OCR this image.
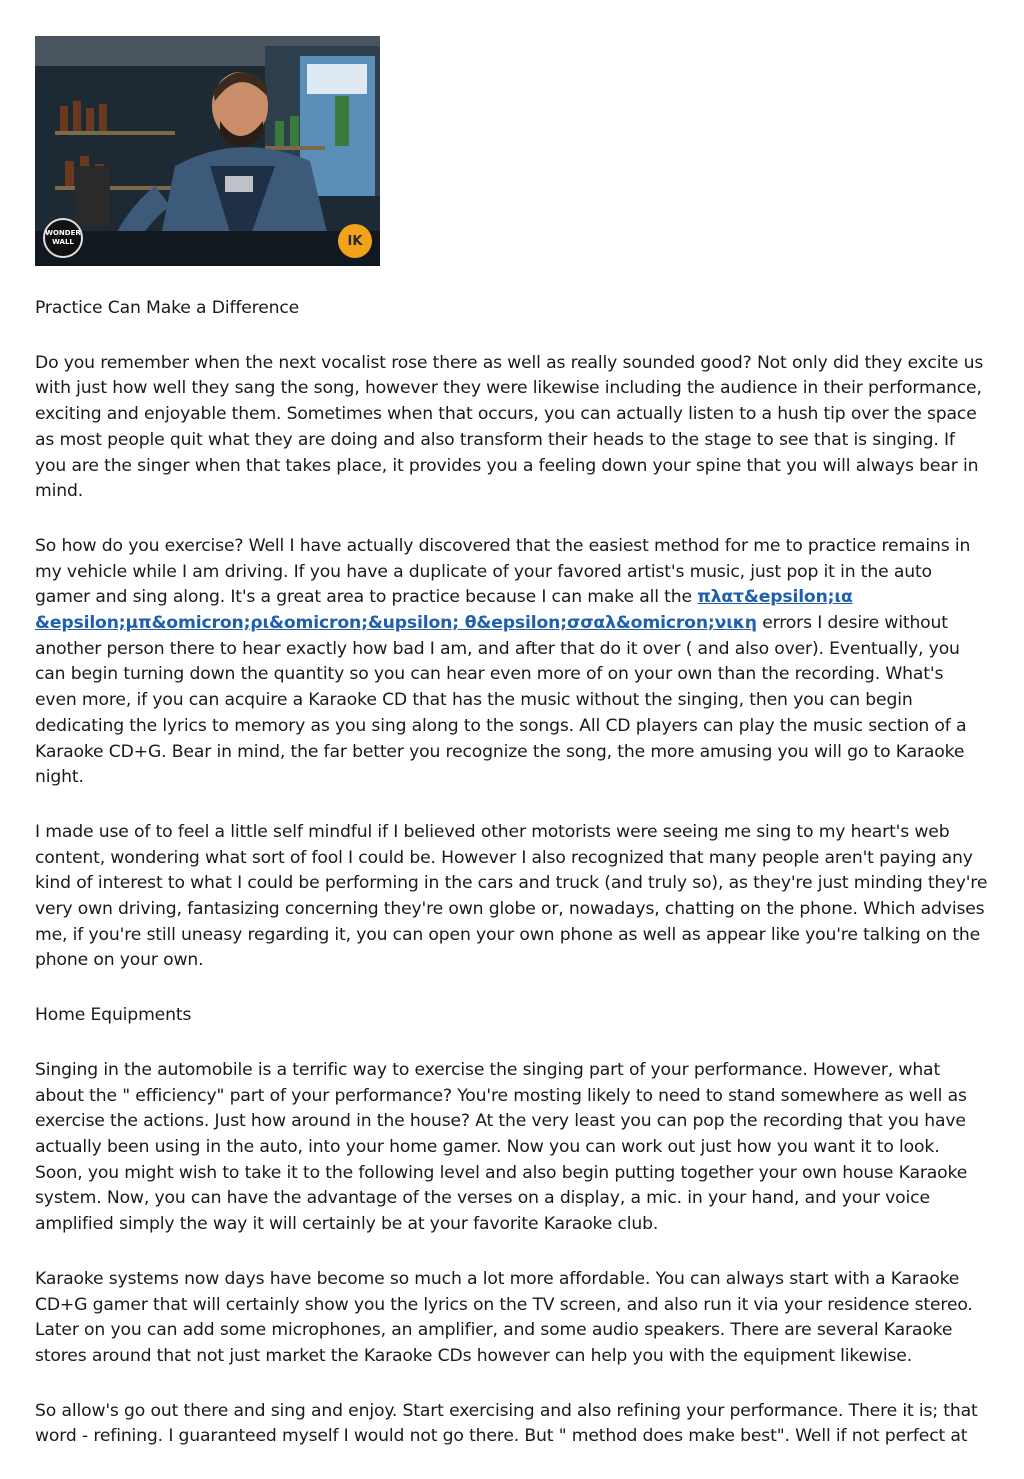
WONDER WALL	IK

Practice Can Make a Difference

Do you remember when the next vocalist rose there as well as really sounded good? Not only did they excite us with just how well they sang the song, however they were likewise including the audience in their performance, exciting and enjoyable them. Sometimes when that occurs, you can actually listen to a hush tip over the space as most people quit what they are doing and also transform their heads to the stage to see that is singing. If you are the singer when that takes place, it provides you a feeling down your spine that you will always bear in mind.

So how do you exercise? Well I have actually discovered that the easiest method for me to practice remains in my vehicle while I am driving. If you have a duplicate of your favored artist's music, just pop it in the auto gamer and sing along. It's a great area to practice because I can make all the πλατ&epsilon;ια &epsilon;μπ&omicron;ρι&omicron;&upsilon; θ&epsilon;σσαλ&omicron;νικη errors I desire without another person there to hear exactly how bad I am, and after that do it over ( and also over). Eventually, you can begin turning down the quantity so you can hear even more of on your own than the recording. What's even more, if you can acquire a Karaoke CD that has the music without the singing, then you can begin dedicating the lyrics to memory as you sing along to the songs. All CD players can play the music section of a Karaoke CD+G. Bear in mind, the far better you recognize the song, the more amusing you will go to Karaoke night.

I made use of to feel a little self mindful if I believed other motorists were seeing me sing to my heart's web content, wondering what sort of fool I could be. However I also recognized that many people aren't paying any kind of interest to what I could be performing in the cars and truck (and truly so), as they're just minding they're very own driving, fantasizing concerning they're own globe or, nowadays, chatting on the phone. Which advises me, if you're still uneasy regarding it, you can open your own phone as well as appear like you're talking on the phone on your own.

Home Equipments

Singing in the automobile is a terrific way to exercise the singing part of your performance. However, what about the " efficiency" part of your performance? You're mosting likely to need to stand somewhere as well as exercise the actions. Just how around in the house? At the very least you can pop the recording that you have actually been using in the auto, into your home gamer. Now you can work out just how you want it to look. Soon, you might wish to take it to the following level and also begin putting together your own house Karaoke system. Now, you can have the advantage of the verses on a display, a mic. in your hand, and your voice amplified simply the way it will certainly be at your favorite Karaoke club.

Karaoke systems now days have become so much a lot more affordable. You can always start with a Karaoke CD+G gamer that will certainly show you the lyrics on the TV screen, and also run it via your residence stereo. Later on you can add some microphones, an amplifier, and some audio speakers. There are several Karaoke stores around that not just market the Karaoke CDs however can help you with the equipment likewise.

So allow's go out there and sing and enjoy. Start exercising and also refining your performance. There it is; that word - refining. I guaranteed myself I would not go there. But " method does make best". Well if not perfect at
